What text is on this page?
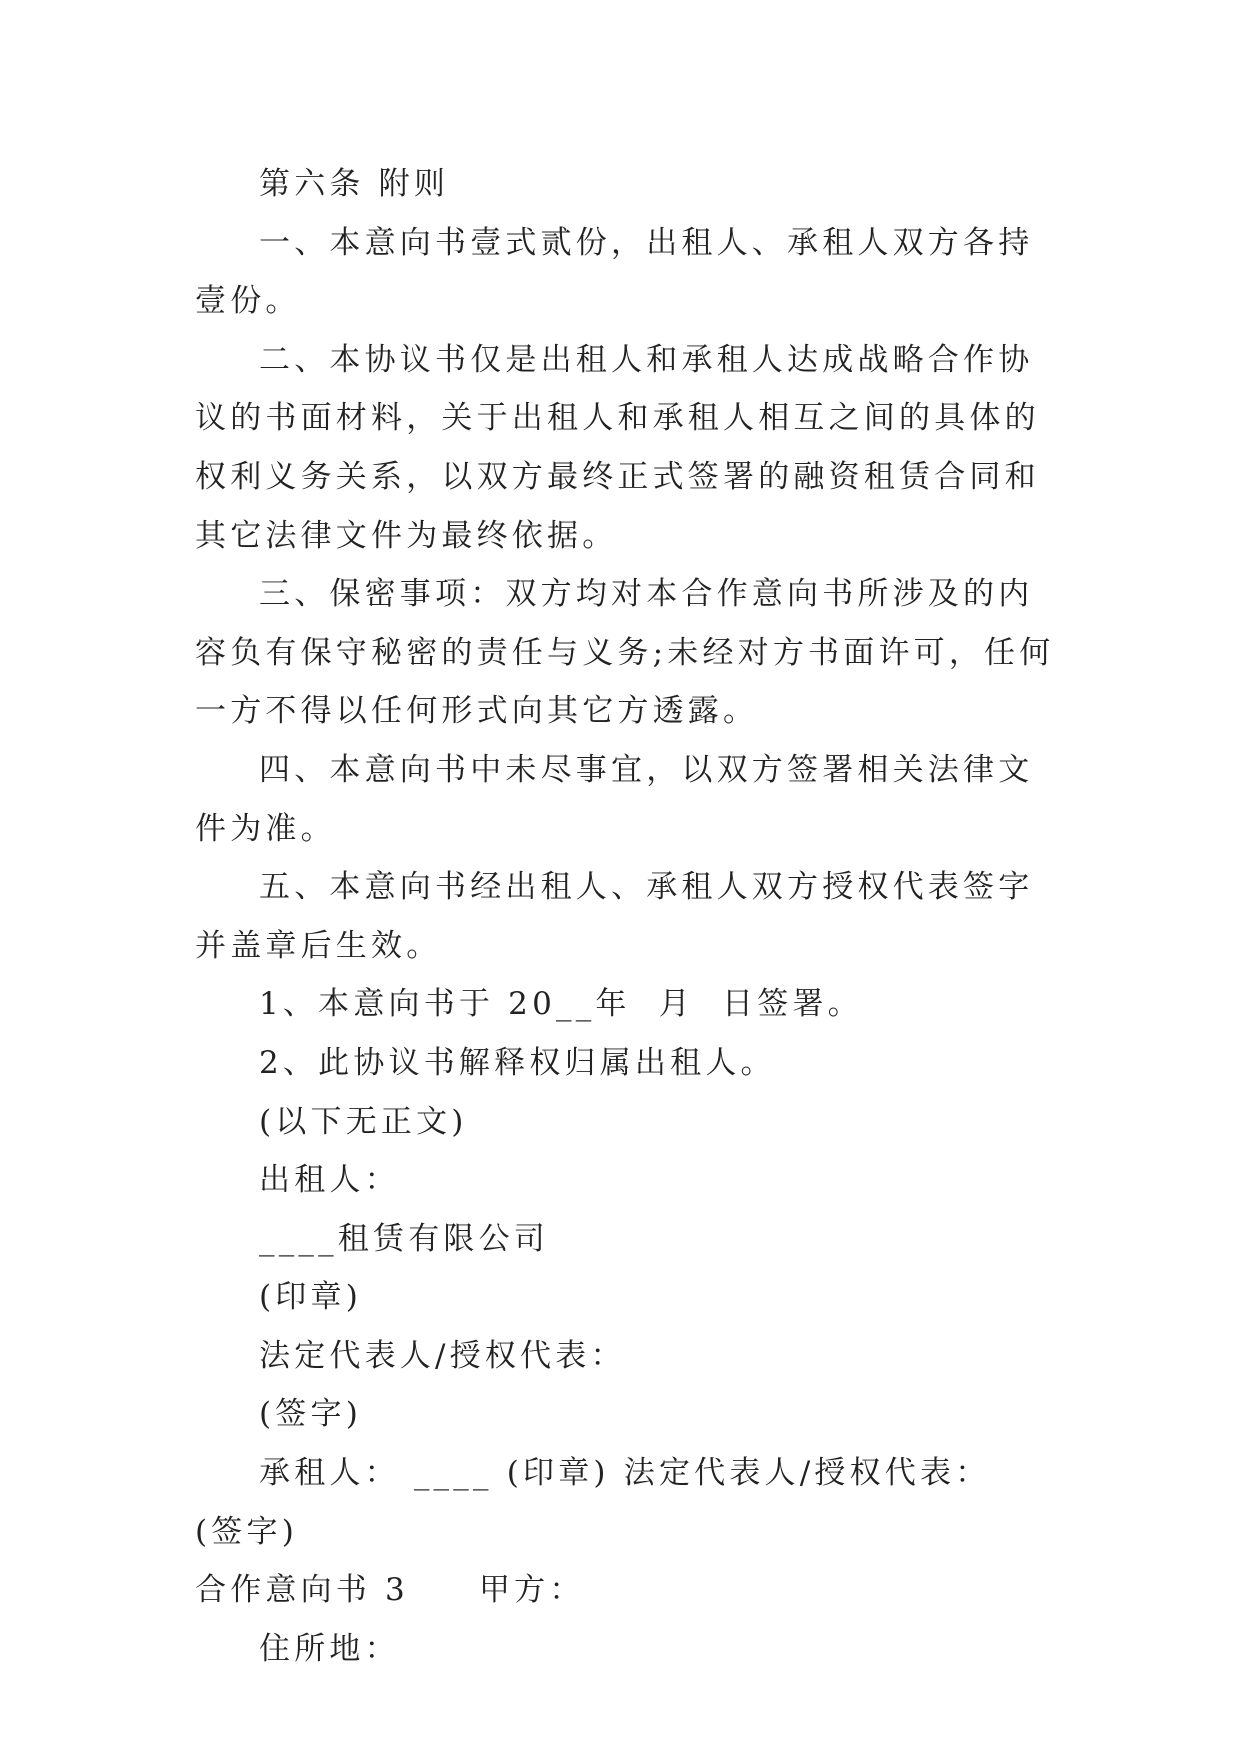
第六条 附则

一、本意向书壹式贰份，出租人、承租人双方各持壹份。

二、本协议书仅是出租人和承租人达成战略合作协议的书面材料，关于出租人和承租人相互之间的具体的权利义务关系，以双方最终正式签署的融资租赁合同和其它法律文件为最终依据。

三、保密事项：双方均对本合作意向书所涉及的内容负有保守秘密的责任与义务;未经对方书面许可，任何一方不得以任何形式向其它方透露。

四、本意向书中未尽事宜，以双方签署相关法律文件为准。

五、本意向书经出租人、承租人双方授权代表签字并盖章后生效。

1、本意向书于 20__年  月  日签署。

2、此协议书解释权归属出租人。

(以下无正文)

出租人：

____租赁有限公司

(印章)

法定代表人/授权代表：

(签字)

承租人： ____ (印章) 法定代表人/授权代表： (签字)

合作意向书 3 甲方：

住所地：
